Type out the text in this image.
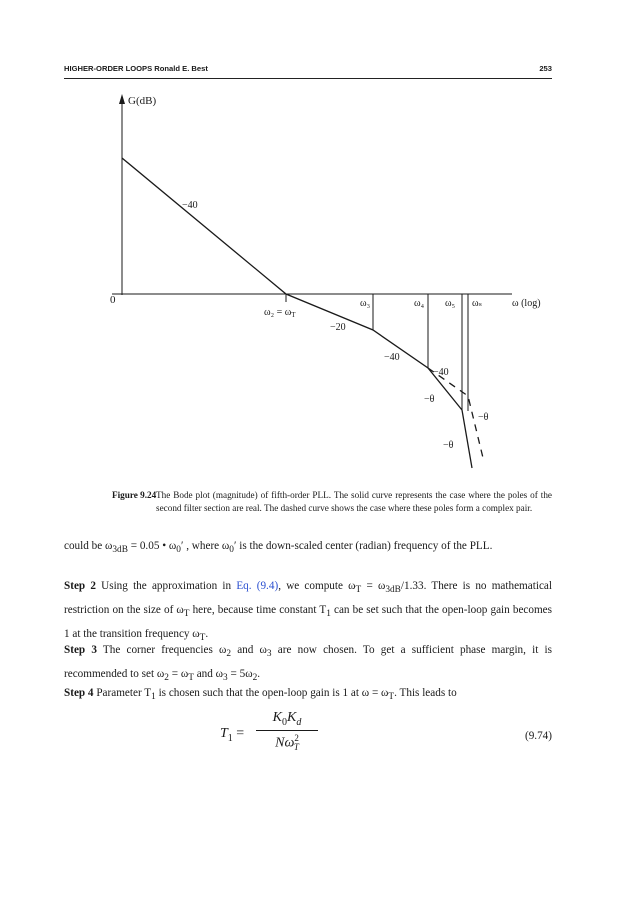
HIGHER-ORDER LOOPS Ronald E. Best	253
G(dB)
0	ω (log)
$\omega_2 = \omega_T$
ω₃	ω₄ ω₅ ωₛ
−40
−20
−40
−40
−θ
−θ
−θ
Figure 9.24 The Bode plot (magnitude) of fifth-order PLL. The solid curve represents the case where the poles of the second filter section are real. The dashed curve shows the case where these poles form a complex pair.
could be $\omega_{3dB} = 0.05$ • $\omega_0'$ , where $\omega_0'$ is the down-scaled center (radian) frequency of the PLL.
Step 2 Using the approximation in Eq. (9.4), we compute $\omega_T = \omega_{3dB}/1.33$. There is no mathematical restriction on the size of $\omega_T$ here, because time constant $T_1$ can be set such that the open-loop gain becomes 1 at the transition frequency $\omega_T$.
Step 3 The corner frequencies $\omega_2$ and $\omega_3$ are now chosen. To get a sufficient phase margin, it is recommended to set $\omega_2 = \omega_T$ and $\omega_3 = 5\omega_2$.
Step 4 Parameter $T_1$ is chosen such that the open-loop gain is 1 at $\omega = \omega_T$. This leads to
$T_1 = \frac{K_0K_d}{N\omega^2_T}$	(9.74)
